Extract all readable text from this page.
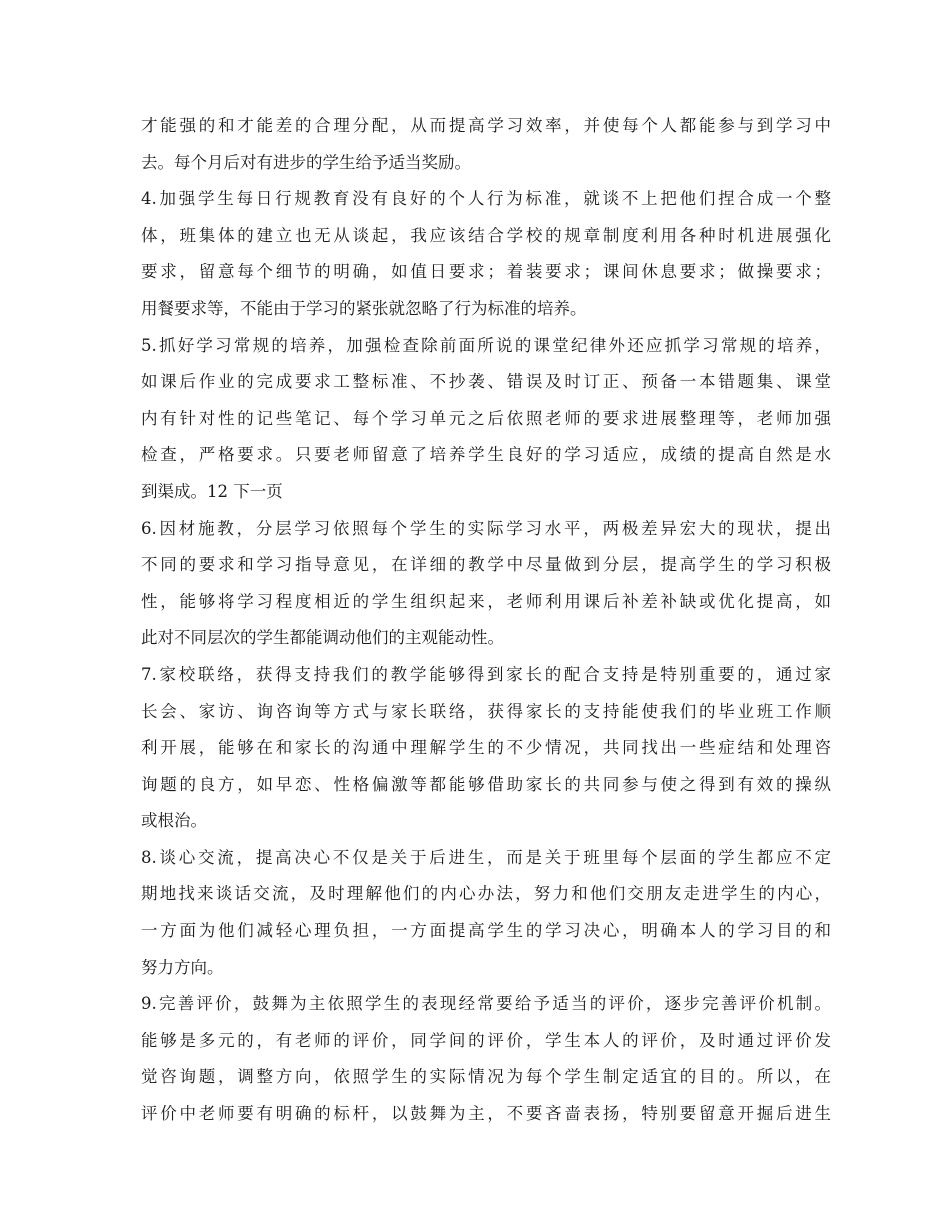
才能强的和才能差的合理分配，从而提高学习效率，并使每个人都能参与到学习中
去。每个月后对有进步的学生给予适当奖励。
4.加强学生每日行规教育没有良好的个人行为标准，就谈不上把他们捏合成一个整
体，班集体的建立也无从谈起，我应该结合学校的规章制度利用各种时机进展强化
要求，留意每个细节的明确，如值日要求；着装要求；课间休息要求；做操要求；
用餐要求等，不能由于学习的紧张就忽略了行为标准的培养。
5.抓好学习常规的培养，加强检查除前面所说的课堂纪律外还应抓学习常规的培养，
如课后作业的完成要求工整标准、不抄袭、错误及时订正、预备一本错题集、课堂
内有针对性的记些笔记、每个学习单元之后依照老师的要求进展整理等，老师加强
检查，严格要求。只要老师留意了培养学生良好的学习适应，成绩的提高自然是水
到渠成。12 下一页
6.因材施教，分层学习依照每个学生的实际学习水平，两极差异宏大的现状，提出
不同的要求和学习指导意见，在详细的教学中尽量做到分层，提高学生的学习积极
性，能够将学习程度相近的学生组织起来，老师利用课后补差补缺或优化提高，如
此对不同层次的学生都能调动他们的主观能动性。
7.家校联络，获得支持我们的教学能够得到家长的配合支持是特别重要的，通过家
长会、家访、询咨询等方式与家长联络，获得家长的支持能使我们的毕业班工作顺
利开展，能够在和家长的沟通中理解学生的不少情况，共同找出一些症结和处理咨
询题的良方，如早恋、性格偏激等都能够借助家长的共同参与使之得到有效的操纵
或根治。
8.谈心交流，提高决心不仅是关于后进生，而是关于班里每个层面的学生都应不定
期地找来谈话交流，及时理解他们的内心办法，努力和他们交朋友走进学生的内心，
一方面为他们减轻心理负担，一方面提高学生的学习决心，明确本人的学习目的和
努力方向。
9.完善评价，鼓舞为主依照学生的表现经常要给予适当的评价，逐步完善评价机制。
能够是多元的，有老师的评价，同学间的评价，学生本人的评价，及时通过评价发
觉咨询题，调整方向，依照学生的实际情况为每个学生制定适宜的目的。所以，在
评价中老师要有明确的标杆，以鼓舞为主，不要吝啬表扬，特别要留意开掘后进生
